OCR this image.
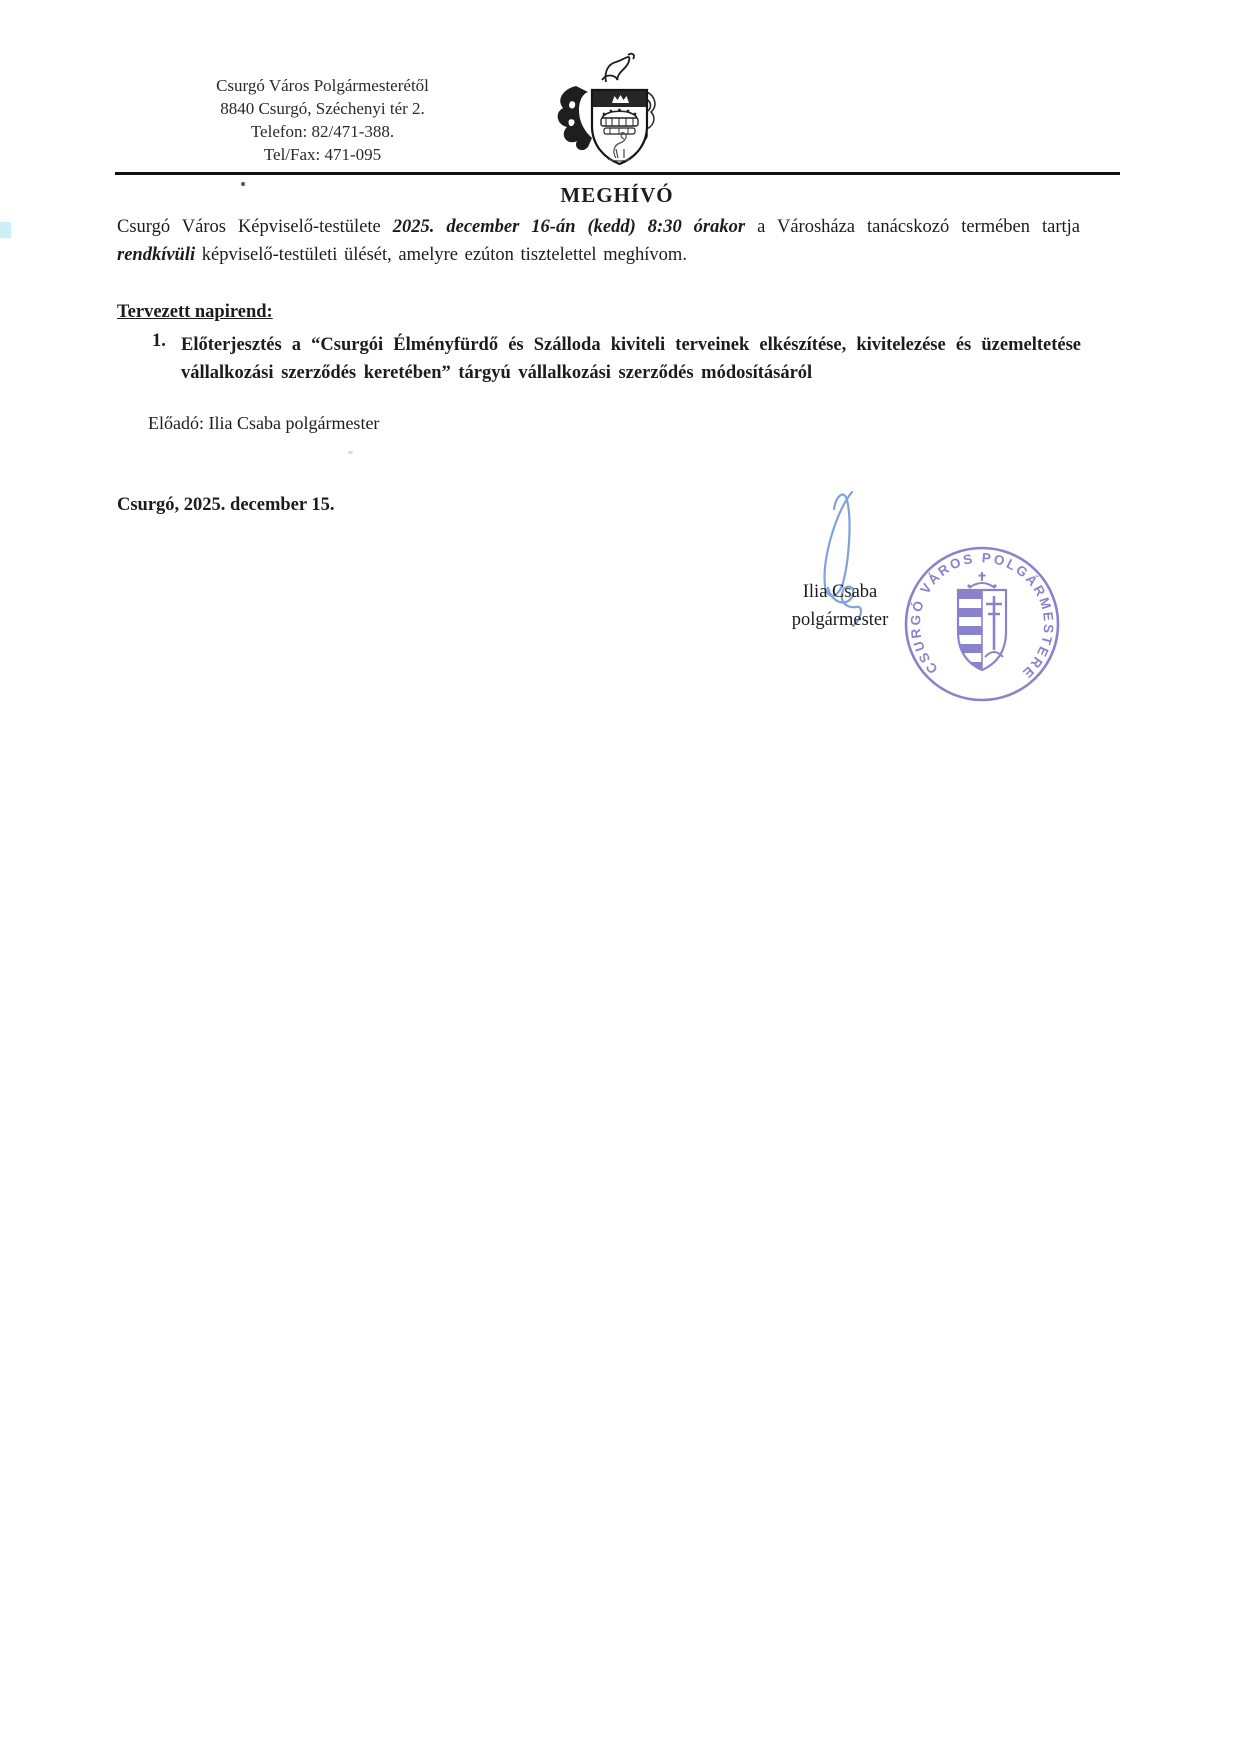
Csurgó Város Polgármesterétől
8840 Csurgó, Széchenyi tér 2.
Telefon: 82/471-388.
Tel/Fax: 471-095
MEGHÍVÓ

Csurgó Város Képviselő-testülete 2025. december 16-án (kedd) 8:30 órakor a Városháza tanácskozó termében tartja rendkívüli képviselő-testületi ülését, amelyre ezúton tisztelettel meghívom.

Tervezett napirend:
1. Előterjesztés a “Csurgói Élményfürdő és Szálloda kiviteli terveinek elkészítése, kivitelezése és üzemeltetése vállalkozási szerződés keretében” tárgyú vállalkozási szerződés módosításáról
Előadó: Ilia Csaba polgármester
Csurgó, 2025. december 15.
Ilia Csaba
polgármester
CSURGÓ VÁROS POLGÁRMESTERE
